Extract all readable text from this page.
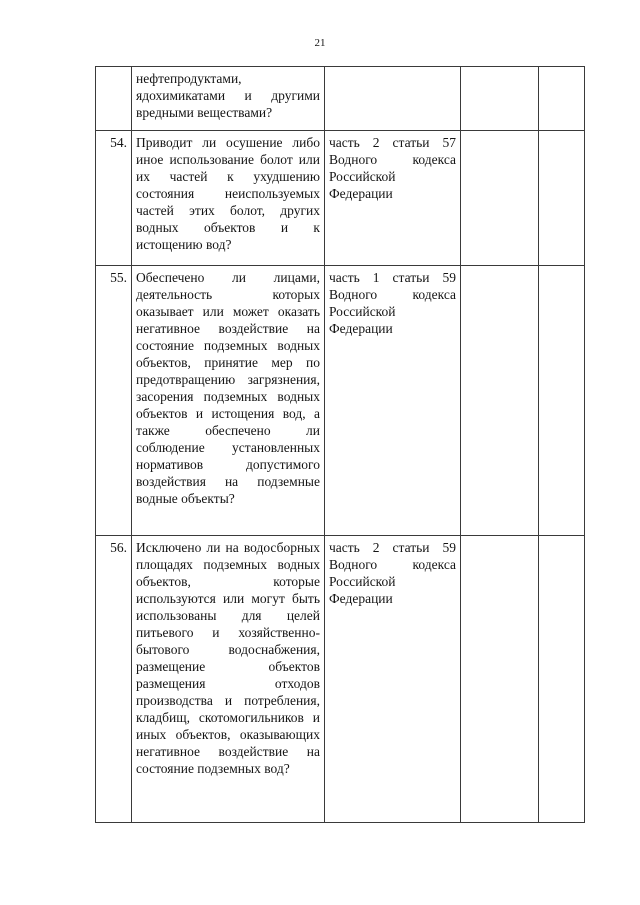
21
	нефтепродуктами, ядохимикатами и другими вредными веществами?			
54.	Приводит ли осушение либо иное использование болот или их частей к ухудшению состояния неиспользуемых частей этих болот, других водных объектов и к истощению вод?	часть 2 статьи 57 Водного кодекса Российской Федерации		
55.	Обеспечено ли лицами, деятельность которых оказывает или может оказать негативное воздействие на состояние подземных водных объектов, принятие мер по предотвращению загрязнения, засорения подземных водных объектов и истощения вод, а также обеспечено ли соблюдение установленных нормативов допустимого воздействия на подземные водные объекты?	часть 1 статьи 59 Водного кодекса Российской Федерации		
56.	Исключено ли на водосборных площадях подземных водных объектов, которые используются или могут быть использованы для целей питьевого и хозяйственно-бытового водоснабжения, размещение объектов размещения отходов производства и потребления, кладбищ, скотомогильников и иных объектов, оказывающих негативное воздействие на состояние подземных вод?	часть 2 статьи 59 Водного кодекса Российской Федерации		
